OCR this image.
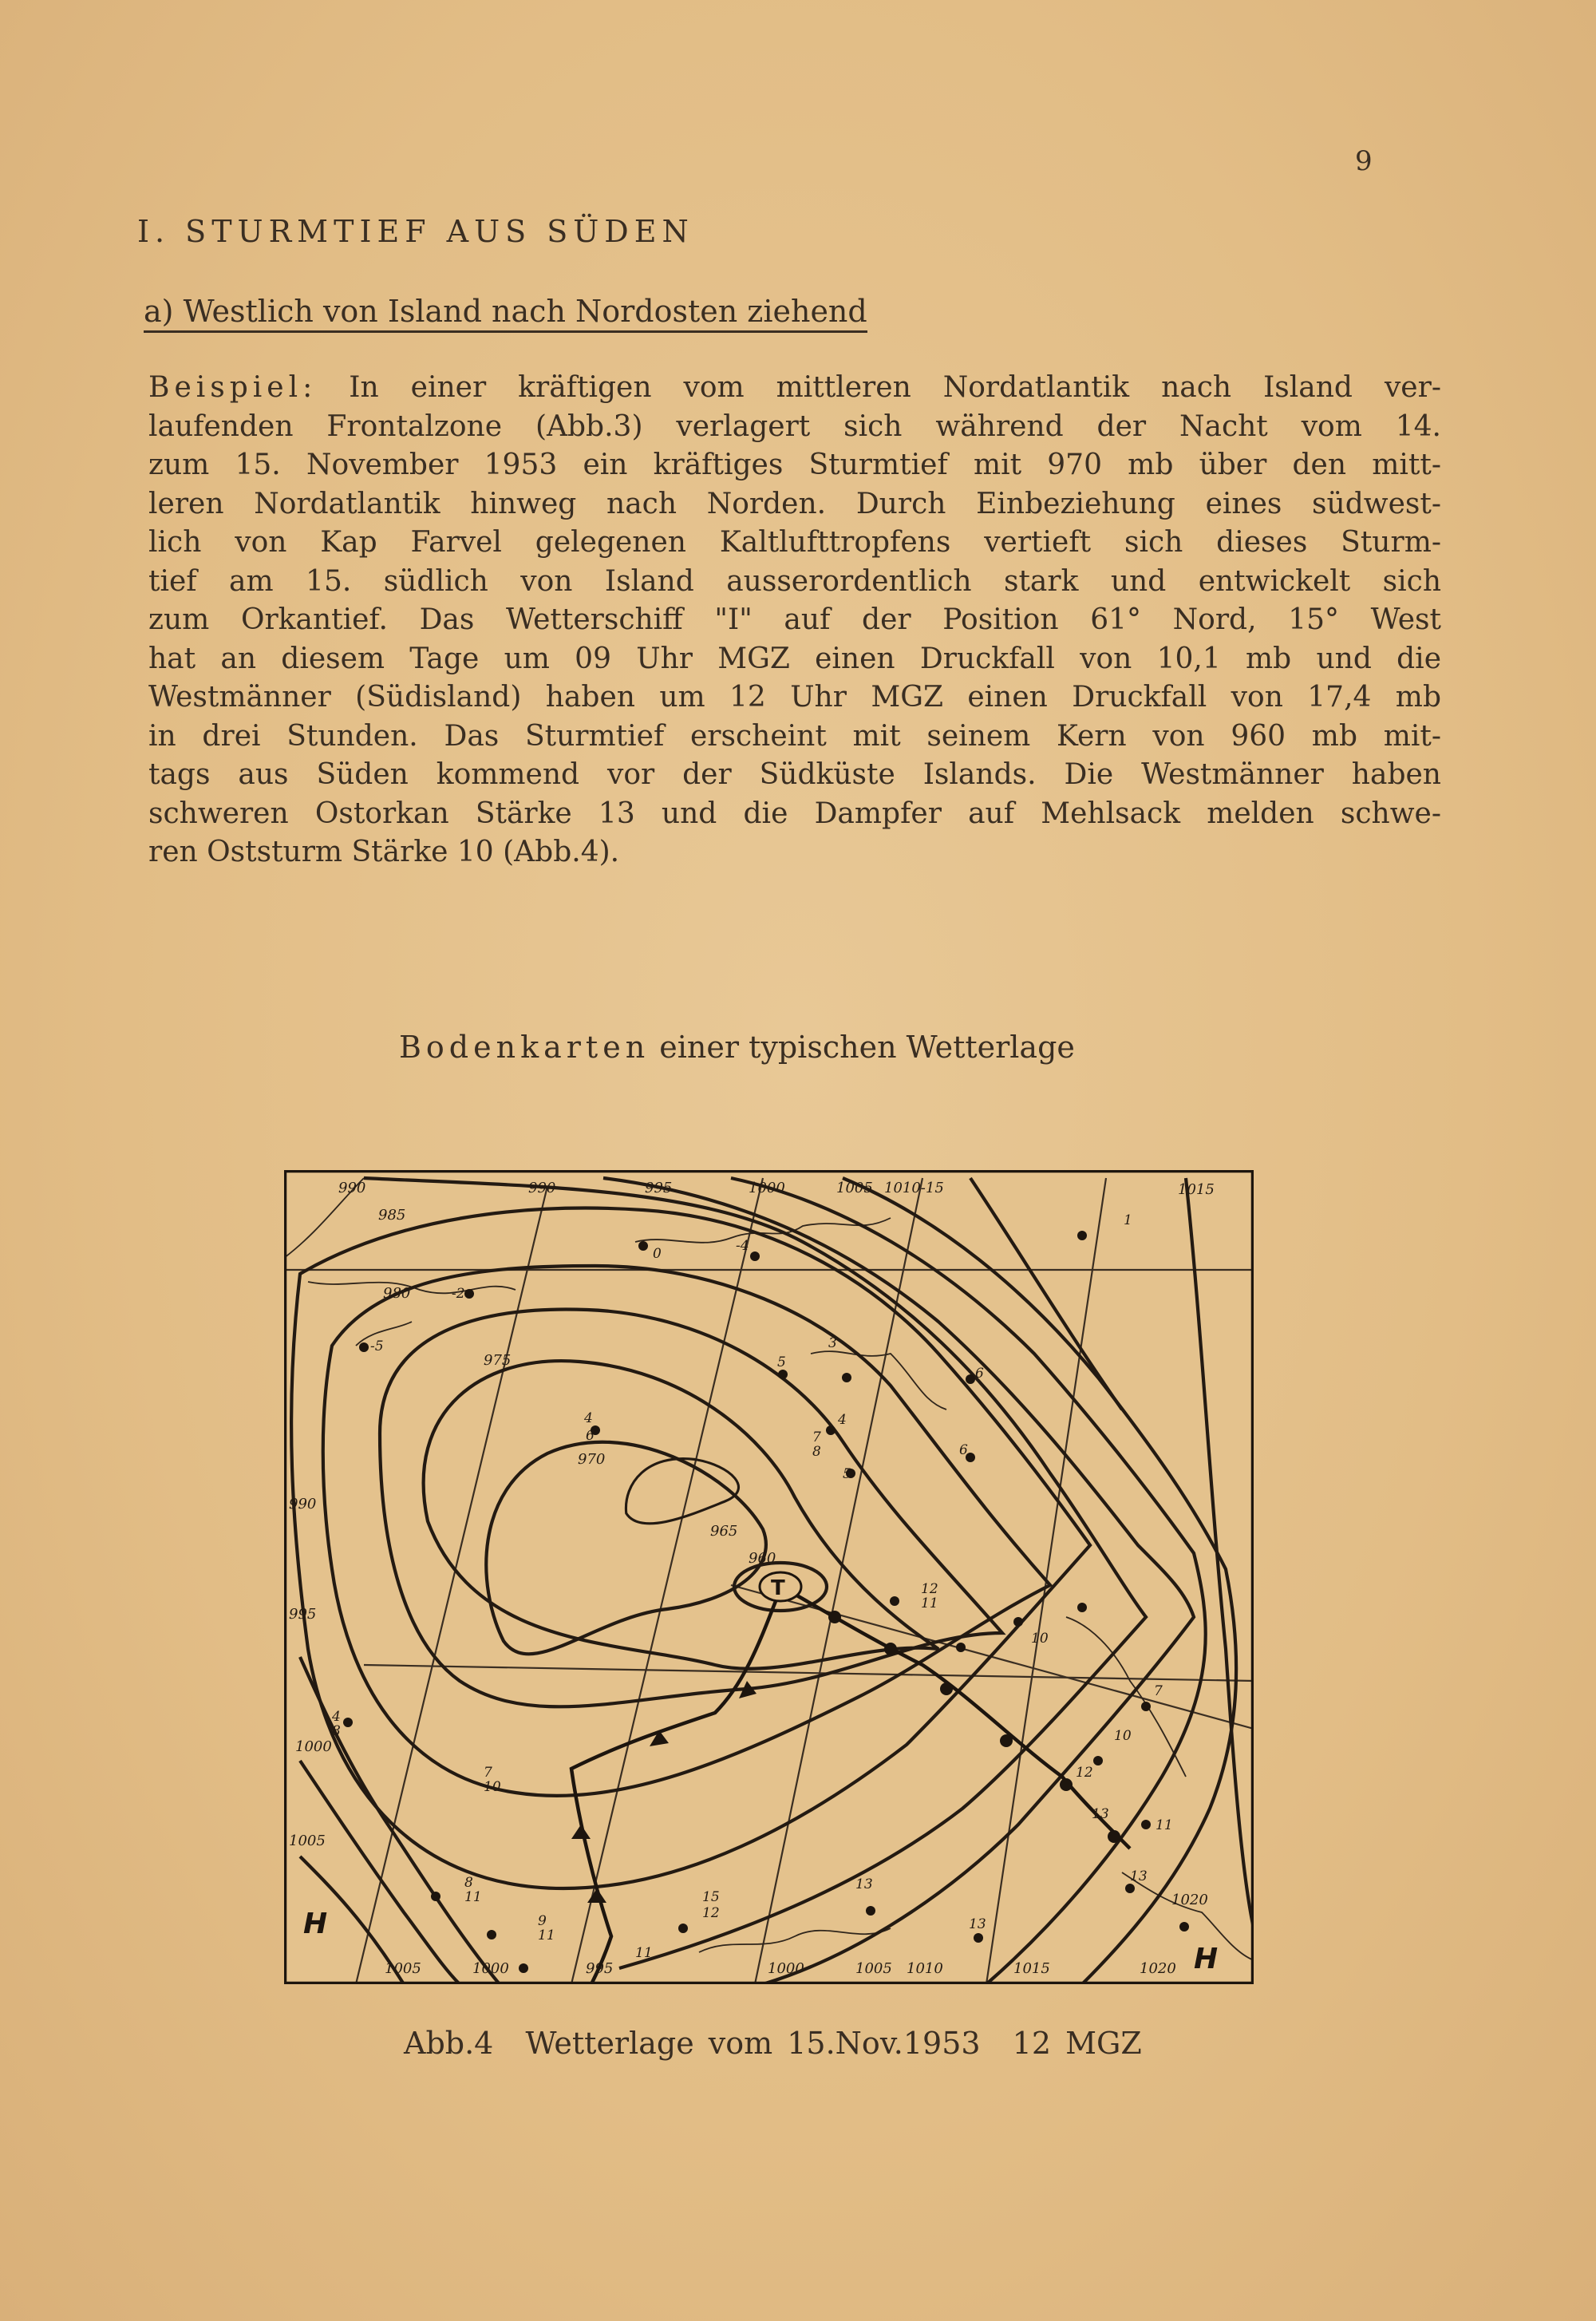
9
I. STURMTIEF AUS SÜDEN
a) Westlich von Island nach Nordosten ziehend

Beispiel: In einer kräftigen vom mittleren Nordatlantik nach Island ver-
laufenden Frontalzone (Abb.3) verlagert sich während der Nacht vom 14.
zum 15. November 1953 ein kräftiges Sturmtief mit 970 mb über den mitt-
leren Nordatlantik hinweg nach Norden. Durch Einbeziehung eines südwest-
lich von Kap Farvel gelegenen Kaltlufttropfens vertieft sich dieses Sturm-
tief am 15. südlich von Island ausserordentlich stark und entwickelt sich
zum Orkantief. Das Wetterschiff "I" auf der Position 61° Nord, 15° West
hat an diesem Tage um 09 Uhr MGZ einen Druckfall von 10,1 mb und die
Westmänner (Südisland) haben um 12 Uhr MGZ einen Druckfall von 17,4 mb
in drei Stunden. Das Sturmtief erscheint mit seinem Kern von 960 mb mit-
tags aus Süden kommend vor der Südküste Islands. Die Westmänner haben
schweren Ostorkan Stärke 13 und die Dampfer auf Mehlsack melden schwe-
ren Oststurm Stärke 10 (Abb.4).

Bodenkarten einer typischen Wetterlage
990
985
990	995	1000	1005 1010-15	1015
980
975
970
965
960
990
995
1000
1005
1005	1000	995	1000	1005 1010	1015
1020
1020
-4
0
-2
-5
5
3
6
4
6
7
8
4
5
6
1
12
11
10
7
10
12
13
11
13
13
15
12
13
11
8
11
9
11
7
10
4
8
T
H
H
Abb.4 Wetterlage vom 15.Nov.1953 12 MGZ
